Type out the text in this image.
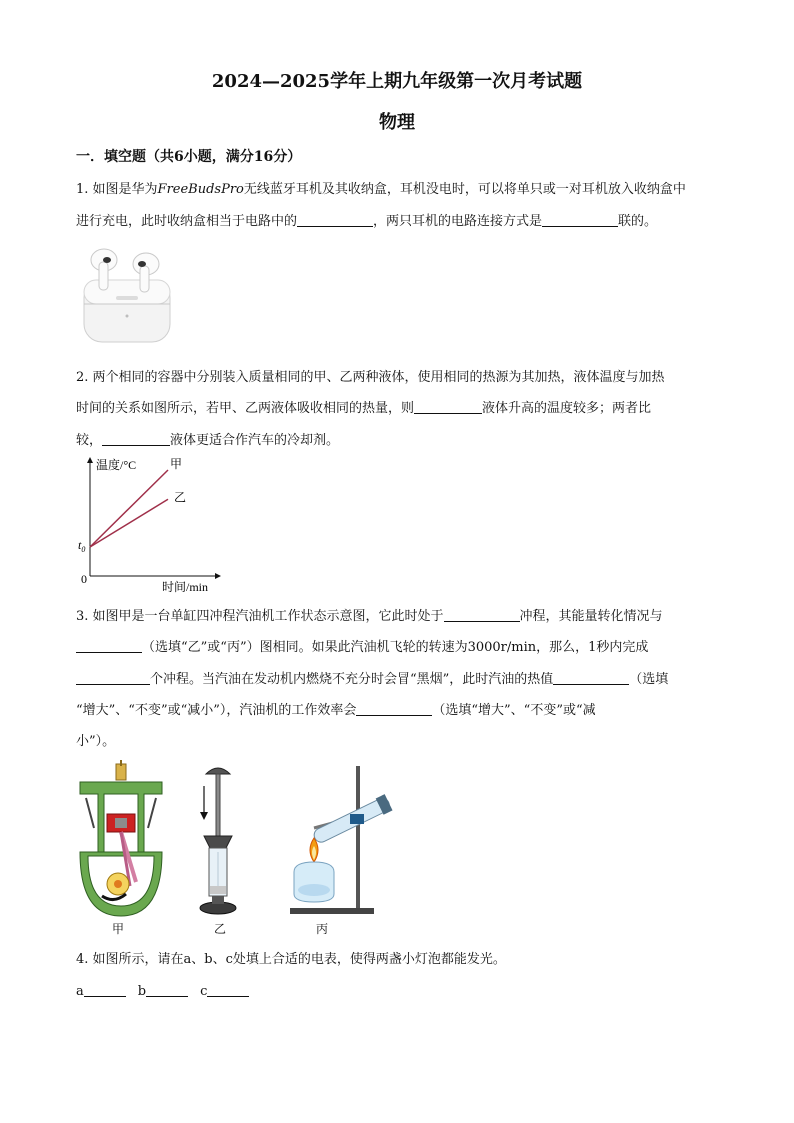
2024—2025学年上期九年级第一次月考试题
物理
一．填空题（共6小题，满分16分）
1. 如图是华为FreeBudsPro无线蓝牙耳机及其收纳盒，耳机没电时，可以将单只或一对耳机放入收纳盒中
进行充电，此时收纳盒相当于电路中的	，两只耳机的电路连接方式是	联的。
2. 两个相同的容器中分别装入质量相同的甲、乙两种液体，使用相同的热源为其加热，液体温度与加热
时间的关系如图所示，若甲、乙两液体吸收相同的热量，则	液体升高的温度较多；两者比
较，	液体更适合作汽车的冷却剂。
温度/°C
时间/min
0
$t_0$
甲
乙
3. 如图甲是一台单缸四冲程汽油机工作状态示意图，它此时处于	冲程，其能量转化情况与
（选填“乙”或“丙”）图相同。如果此汽油机飞轮的转速为3000r/min，那么，1秒内完成
个冲程。当汽油在发动机内燃烧不充分时会冒“黑烟”，此时汽油的热值	（选填
“增大”、“不变”或“减小”），汽油机的工作效率会	（选填“增大”、“不变”或“减
小”）。
甲	乙	丙
4. 如图所示，请在a、b、c处填上合适的电表，使得两盏小灯泡都能发光。
a	b	c
